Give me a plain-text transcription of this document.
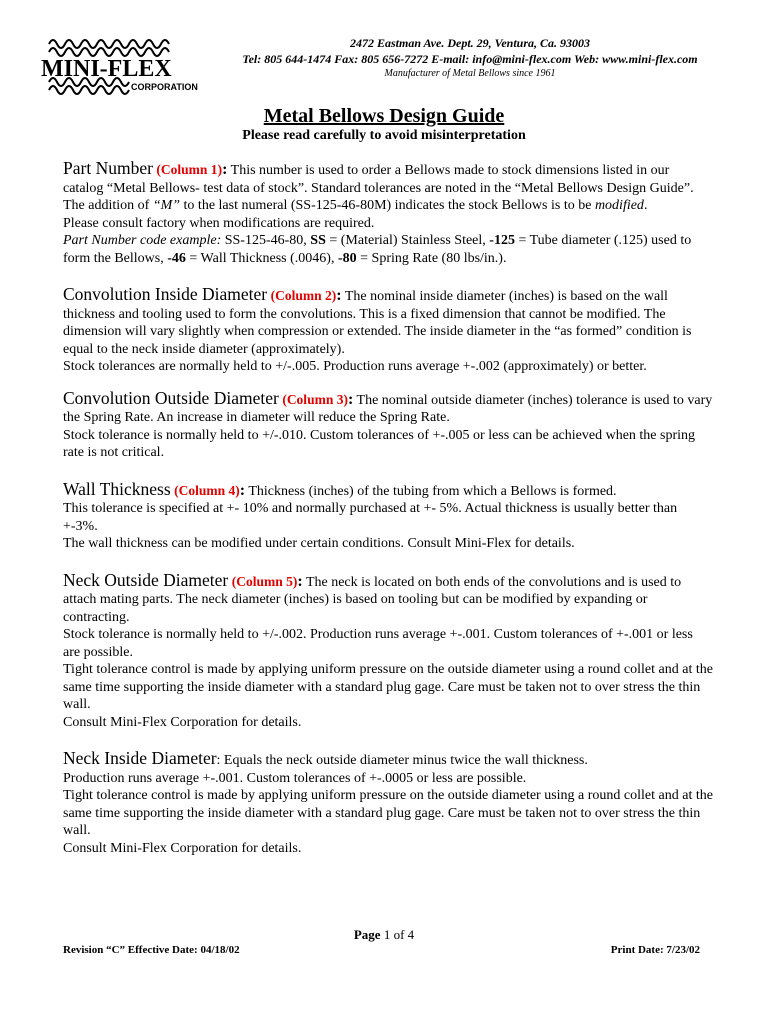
MINI-FLEX
CORPORATION
2472 Eastman Ave. Dept. 29, Ventura, Ca. 93003
Tel: 805 644-1474 Fax: 805 656-7272 E-mail: info@mini-flex.com Web: www.mini-flex.com
Manufacturer of Metal Bellows since 1961
Metal Bellows Design Guide
Please read carefully to avoid misinterpretation

Part Number (Column 1): This number is used to order a Bellows made to stock dimensions listed in our catalog “Metal Bellows- test data of stock”. Standard tolerances are noted in the “Metal Bellows Design Guide”.

The addition of “M” to the last numeral (SS-125-46-80M) indicates the stock Bellows is to be modified.

Please consult factory when modifications are required.

Part Number code example: SS-125-46-80, SS = (Material) Stainless Steel, -125 = Tube diameter (.125) used to form the Bellows, -46 = Wall Thickness (.0046), -80 = Spring Rate (80 lbs/in.).

Convolution Inside Diameter (Column 2): The nominal inside diameter (inches) is based on the wall thickness and tooling used to form the convolutions. This is a fixed dimension that cannot be modified. The dimension will vary slightly when compression or extended. The inside diameter in the “as formed” condition is equal to the neck inside diameter (approximately).

Stock tolerances are normally held to +/-.005. Production runs average +-.002 (approximately) or better.

Convolution Outside Diameter (Column 3): The nominal outside diameter (inches) tolerance is used to vary the Spring Rate. An increase in diameter will reduce the Spring Rate.

Stock tolerance is normally held to +/-.010. Custom tolerances of +-.005 or less can be achieved when the spring rate is not critical.

Wall Thickness (Column 4): Thickness (inches) of the tubing from which a Bellows is formed.

This tolerance is specified at +- 10% and normally purchased at +- 5%. Actual thickness is usually better than +-3%.

The wall thickness can be modified under certain conditions. Consult Mini-Flex for details.

Neck Outside Diameter (Column 5): The neck is located on both ends of the convolutions and is used to attach mating parts. The neck diameter (inches) is based on tooling but can be modified by expanding or contracting.

Stock tolerance is normally held to +/-.002. Production runs average +-.001. Custom tolerances of +-.001 or less are possible.

Tight tolerance control is made by applying uniform pressure on the outside diameter using a round collet and at the same time supporting the inside diameter with a standard plug gage. Care must be taken not to over stress the thin wall.

Consult Mini-Flex Corporation for details.

Neck Inside Diameter: Equals the neck outside diameter minus twice the wall thickness.

Production runs average +-.001. Custom tolerances of +-.0005 or less are possible.

Tight tolerance control is made by applying uniform pressure on the outside diameter using a round collet and at the same time supporting the inside diameter with a standard plug gage. Care must be taken not to over stress the thin wall.

Consult Mini-Flex Corporation for details.

Page 1 of 4
Revision “C” Effective Date: 04/18/02	Print Date: 7/23/02
